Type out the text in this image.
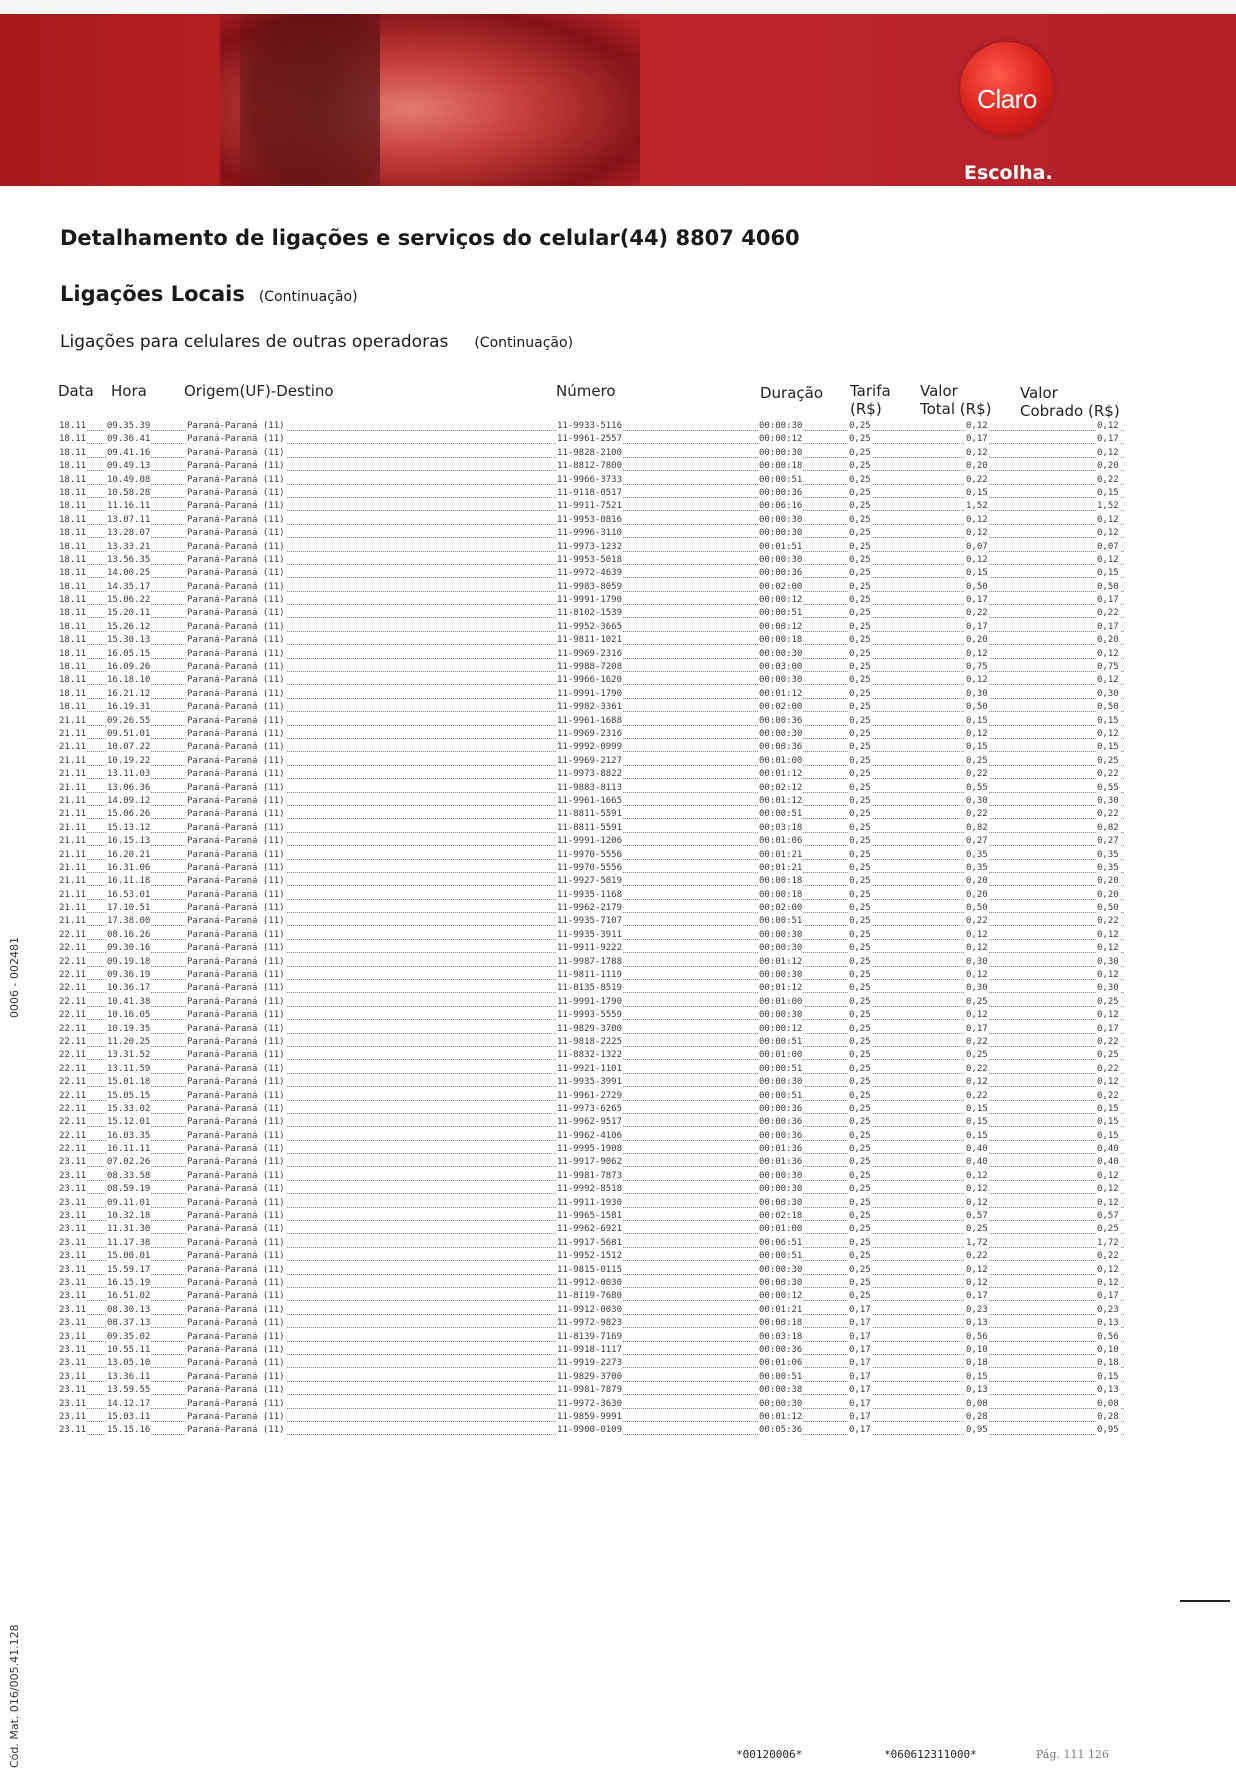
Claro
Escolha.
Detalhamento de ligações e serviços do celular(44) 8807 4060
Ligações Locais (Continuação)
Ligações para celulares de outras operadoras (Continuação)
Data Hora Origem(UF)-Destino	Número	Duração Tarifa
(R$)
Valor
Total (R$)
Valor
Cobrado (R$)
18.11 09.35.39	Paraná-Paraná (11)	11-9933-5116	00:00:30	0,25	0,12	0,12
18.11 09.36.41	Paraná-Paraná (11)	11-9961-2557	00:00:12	0,25	0,17	0,17
18.11 09.41.16	Paraná-Paraná (11)	11-9828-2100	00:00:30	0,25	0,12	0,12
18.11 09.49.13	Paraná-Paraná (11)	11-8812-7800	00:00:18	0,25	0,20	0,20
18.11 10.49.08	Paraná-Paraná (11)	11-9966-3733	00:00:51	0,25	0,22	0,22
18.11 10.58.28	Paraná-Paraná (11)	11-9118-0517	00:00:36	0,25	0,15	0,15
18.11 11.16.11	Paraná-Paraná (11)	11-9911-7521	00:06:16	0,25	1,52	1,52
18.11 13.07.11	Paraná-Paraná (11)	11-9953-0816	00:00:30	0,25	0,12	0,12
18.11 13.28.07	Paraná-Paraná (11)	11-9996-3110	00:00:30	0,25	0,12	0,12
18.11 13.33.21	Paraná-Paraná (11)	11-9973-1232	00:01:51	0,25	0,07	0,07
18.11 13.56.35	Paraná-Paraná (11)	11-9953-5018	00:00:30	0,25	0,12	0,12
18.11 14.00.25	Paraná-Paraná (11)	11-9972-4639	00:00:36	0,25	0,15	0,15
18.11 14.35.17	Paraná-Paraná (11)	11-9983-8059	00:02:00	0,25	0,50	0,50
18.11 15.06.22	Paraná-Paraná (11)	11-9991-1790	00:00:12	0,25	0,17	0,17
18.11 15.20.11	Paraná-Paraná (11)	11-8102-1539	00:00:51	0,25	0,22	0,22
18.11 15.26.12	Paraná-Paraná (11)	11-9952-3665	00:00:12	0,25	0,17	0,17
18.11 15.30.13	Paraná-Paraná (11)	11-9811-1021	00:00:18	0,25	0,20	0,20
18.11 16.05.15	Paraná-Paraná (11)	11-9969-2316	00:00:30	0,25	0,12	0,12
18.11 16.09.26	Paraná-Paraná (11)	11-9988-7208	00:03:00	0,25	0,75	0,75
18.11 16.18.10	Paraná-Paraná (11)	11-9966-1620	00:00:30	0,25	0,12	0,12
18.11 16.21.12	Paraná-Paraná (11)	11-9991-1790	00:01:12	0,25	0,30	0,30
18.11 16.19.31	Paraná-Paraná (11)	11-9982-3361	00:02:00	0,25	0,50	0,50
21.11 09.26.55	Paraná-Paraná (11)	11-9961-1688	00:00:36	0,25	0,15	0,15
21.11 09.51.01	Paraná-Paraná (11)	11-9969-2316	00:00:30	0,25	0,12	0,12
21.11 10.07.22	Paraná-Paraná (11)	11-9992-0999	00:00:36	0,25	0,15	0,15
21.11 10.19.22	Paraná-Paraná (11)	11-9969-2127	00:01:00	0,25	0,25	0,25
21.11 13.11.03	Paraná-Paraná (11)	11-9973-8822	00:01:12	0,25	0,22	0,22
21.11 13.06.36	Paraná-Paraná (11)	11-9883-8113	00:02:12	0,25	0,55	0,55
21.11 14.09.12	Paraná-Paraná (11)	11-9961-1665	00:01:12	0,25	0,30	0,30
21.11 15.06.26	Paraná-Paraná (11)	11-8811-5591	00:00:51	0,25	0,22	0,22
21.11 15.13.12	Paraná-Paraná (11)	11-8811-5591	00:03:18	0,25	0,82	0,82
21.11 16.15.13	Paraná-Paraná (11)	11-9991-1206	00:01:06	0,25	0,27	0,27
21.11 16.20.21	Paraná-Paraná (11)	11-9970-5556	00:01:21	0,25	0,35	0,35
21.11 16.31.06	Paraná-Paraná (11)	11-9970-5556	00:01:21	0,25	0,35	0,35
21.11 16.11.18	Paraná-Paraná (11)	11-9927-5019	00:00:18	0,25	0,20	0,20
21.11 16.53.01	Paraná-Paraná (11)	11-9935-1168	00:00:18	0,25	0,20	0,20
21.11 17.10.51	Paraná-Paraná (11)	11-9962-2179	00:02:00	0,25	0,50	0,50
21.11 17.38.00	Paraná-Paraná (11)	11-9935-7107	00:00:51	0,25	0,22	0,22
22.11 08.16.26	Paraná-Paraná (11)	11-9935-3911	00:00:30	0,25	0,12	0,12
22.11 09.30.16	Paraná-Paraná (11)	11-9911-9222	00:00:30	0,25	0,12	0,12
22.11 09.19.18	Paraná-Paraná (11)	11-9987-1788	00:01:12	0,25	0,30	0,30
22.11 09.36.19	Paraná-Paraná (11)	11-9811-1119	00:00:30	0,25	0,12	0,12
22.11 10.36.17	Paraná-Paraná (11)	11-8135-8519	00:01:12	0,25	0,30	0,30
22.11 10.41.38	Paraná-Paraná (11)	11-9991-1790	00:01:00	0,25	0,25	0,25
22.11 10.16.05	Paraná-Paraná (11)	11-9993-5559	00:00:30	0,25	0,12	0,12
22.11 10.19.35	Paraná-Paraná (11)	11-9829-3700	00:00:12	0,25	0,17	0,17
22.11 11.20.25	Paraná-Paraná (11)	11-9818-2225	00:00:51	0,25	0,22	0,22
22.11 13.31.52	Paraná-Paraná (11)	11-8832-1322	00:01:00	0,25	0,25	0,25
22.11 13.11.59	Paraná-Paraná (11)	11-9921-1101	00:00:51	0,25	0,22	0,22
22.11 15.01.18	Paraná-Paraná (11)	11-9935-3991	00:00:30	0,25	0,12	0,12
22.11 15.05.15	Paraná-Paraná (11)	11-9961-2729	00:00:51	0,25	0,22	0,22
22.11 15.33.02	Paraná-Paraná (11)	11-9973-6265	00:00:36	0,25	0,15	0,15
22.11 15.12.01	Paraná-Paraná (11)	11-9962-9517	00:00:36	0,25	0,15	0,15
22.11 16.03.35	Paraná-Paraná (11)	11-9962-4106	00:00:36	0,25	0,15	0,15
22.11 16.11.11	Paraná-Paraná (11)	11-9995-1908	00:01:36	0,25	0,40	0,40
23.11 07.02.26	Paraná-Paraná (11)	11-9917-9062	00:01:36	0,25	0,40	0,40
23.11 08.33.58	Paraná-Paraná (11)	11-9981-7873	00:00:30	0,25	0,12	0,12
23.11 08.59.19	Paraná-Paraná (11)	11-9992-8518	00:00:30	0,25	0,12	0,12
23.11 09.11.01	Paraná-Paraná (11)	11-9911-1930	00:00:30	0,25	0,12	0,12
23.11 10.32.18	Paraná-Paraná (11)	11-9965-1581	00:02:18	0,25	0,57	0,57
23.11 11.31.30	Paraná-Paraná (11)	11-9962-6921	00:01:00	0,25	0,25	0,25
23.11 11.17.38	Paraná-Paraná (11)	11-9917-5681	00:06:51	0,25	1,72	1,72
23.11 15.00.01	Paraná-Paraná (11)	11-9952-1512	00:00:51	0,25	0,22	0,22
23.11 15.59.17	Paraná-Paraná (11)	11-9815-0115	00:00:30	0,25	0,12	0,12
23.11 16.15.19	Paraná-Paraná (11)	11-9912-0030	00:00:30	0,25	0,12	0,12
23.11 16.51.02	Paraná-Paraná (11)	11-8119-7680	00:00:12	0,25	0,17	0,17
23.11 08.30.13	Paraná-Paraná (11)	11-9912-0030	00:01:21	0,17	0,23	0,23
23.11 08.37.13	Paraná-Paraná (11)	11-9972-9823	00:00:18	0,17	0,13	0,13
23.11 09.35.02	Paraná-Paraná (11)	11-8139-7169	00:03:18	0,17	0,56	0,56
23.11 10.55.11	Paraná-Paraná (11)	11-9918-1117	00:00:36	0,17	0,10	0,10
23.11 13.05.10	Paraná-Paraná (11)	11-9919-2273	00:01:06	0,17	0,18	0,18
23.11 13.36.11	Paraná-Paraná (11)	11-9829-3700	00:00:51	0,17	0,15	0,15
23.11 13.59.55	Paraná-Paraná (11)	11-9981-7879	00:00:38	0,17	0,13	0,13
23.11 14.12.17	Paraná-Paraná (11)	11-9972-3630	00:00:30	0,17	0,08	0,08
23.11 15.03.11	Paraná-Paraná (11)	11-9859-9991	00:01:12	0,17	0,28	0,28
23.11 15.15.16	Paraná-Paraná (11)	11-9900-0109	00:05:36	0,17	0,95	0,95
0006 - 002481
Cód. Mat. 016/005.41.128	*00120006*	*060612311000*	Pág. 111 126
